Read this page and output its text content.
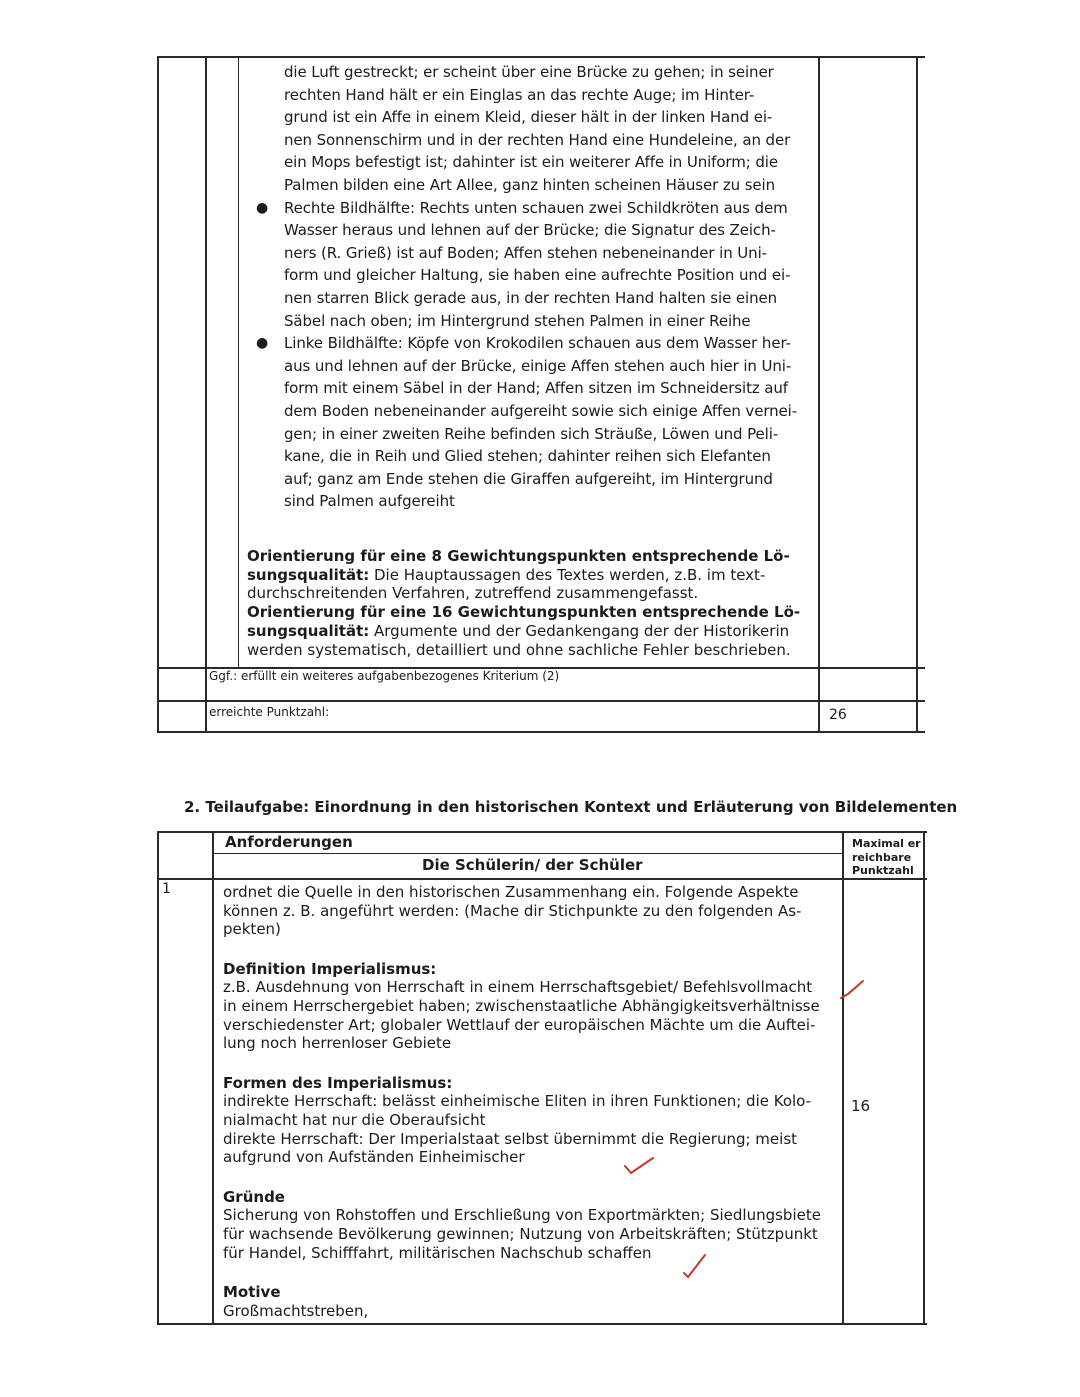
die Luft gestreckt; er scheint über eine Brücke zu gehen; in seiner

rechten Hand hält er ein Einglas an das rechte Auge; im Hinter-

grund ist ein Affe in einem Kleid, dieser hält in der linken Hand ei-

nen Sonnenschirm und in der rechten Hand eine Hundeleine, an der

ein Mops befestigt ist; dahinter ist ein weiterer Affe in Uniform; die

Palmen bilden eine Art Allee, ganz hinten scheinen Häuser zu sein

Rechte Bildhälfte: Rechts unten schauen zwei Schildkröten aus dem
●

Wasser heraus und lehnen auf der Brücke; die Signatur des Zeich-

ners (R. Grieß) ist auf Boden; Affen stehen nebeneinander in Uni-

form und gleicher Haltung, sie haben eine aufrechte Position und ei-

nen starren Blick gerade aus, in der rechten Hand halten sie einen

Säbel nach oben; im Hintergrund stehen Palmen in einer Reihe

Linke Bildhälfte: Köpfe von Krokodilen schauen aus dem Wasser her-
●

aus und lehnen auf der Brücke, einige Affen stehen auch hier in Uni-

form mit einem Säbel in der Hand; Affen sitzen im Schneidersitz auf

dem Boden nebeneinander aufgereiht sowie sich einige Affen vernei-

gen; in einer zweiten Reihe befinden sich Sträuße, Löwen und Peli-

kane, die in Reih und Glied stehen; dahinter reihen sich Elefanten

auf; ganz am Ende stehen die Giraffen aufgereiht, im Hintergrund

sind Palmen aufgereiht

Orientierung für eine 8 Gewichtungspunkten entsprechende Lö-

sungsqualität: Die Hauptaussagen des Textes werden, z.B. im text-

durchschreitenden Verfahren, zutreffend zusammengefasst.

Orientierung für eine 16 Gewichtungspunkten entsprechende Lö-

sungsqualität: Argumente und der Gedankengang der der Historikerin

werden systematisch, detailliert und ohne sachliche Fehler beschrieben.

Ggf.: erfüllt ein weiteres aufgabenbezogenes Kriterium (2)
erreichte Punktzahl:	26
2. Teilaufgabe: Einordnung in den historischen Kontext und Erläuterung von Bildelementen
Anforderungen
Die Schülerin/ der Schüler
Maximal er
reichbare
Punktzahl
1
16

ordnet die Quelle in den historischen Zusammenhang ein. Folgende Aspekte

können z. B. angeführt werden: (Mache dir Stichpunkte zu den folgenden As-

pekten)

Definition Imperialismus:

z.B. Ausdehnung von Herrschaft in einem Herrschaftsgebiet/ Befehlsvollmacht

in einem Herrschergebiet haben; zwischenstaatliche Abhängigkeitsverhältnisse

verschiedenster Art; globaler Wettlauf der europäischen Mächte um die Auftei-

lung noch herrenloser Gebiete

Formen des Imperialismus:

indirekte Herrschaft: belässt einheimische Eliten in ihren Funktionen; die Kolo-

nialmacht hat nur die Oberaufsicht

direkte Herrschaft: Der Imperialstaat selbst übernimmt die Regierung; meist

aufgrund von Aufständen Einheimischer

Gründe

Sicherung von Rohstoffen und Erschließung von Exportmärkten; Siedlungsbiete

für wachsende Bevölkerung gewinnen; Nutzung von Arbeitskräften; Stützpunkt

für Handel, Schifffahrt, militärischen Nachschub schaffen

Motive

Großmachtstreben,
